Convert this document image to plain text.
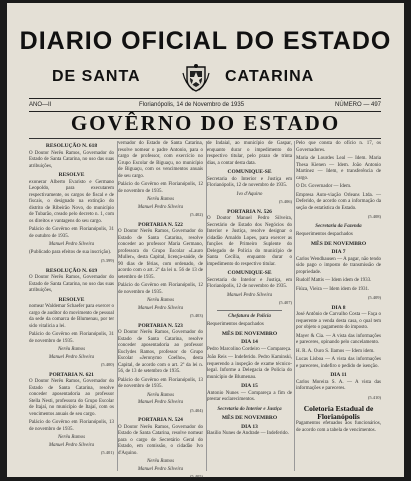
DIARIO OFICIAL DO ESTADO
DE SANTA	CATARINA
ANO—II	Florianópolis, 14 de Novembro de 1935	NÚMERO — 497
GOVÊRNO DO ESTADO
RESOLUÇÃO N. 618
O Doutor Nerêu Ramos, Governador do Estado de Santa Catarina, no uso das suas atribuições,
RESOLVE
exonerar Alberto Evaristo e Germano Leopoldo, para executarem respectivamente, os cargos de fiscal e de fiscais, o designado na extinção do distrito de Ribeirão Novo, do município de Tubarão, creado pelo decreto n. 1, com os direitos e vantagens do seu cargo.
Palácio do Govêrno em Florianópolis, 31 de outubro de 1935.
Manuel Pedro Silveira
(Publicado para efeitos de sua inscrição).
(5.399)
RESOLUÇÃO N. 619
O Doutor Nerêu Ramos, Governador do Estado de Santa Catarina, no uso das suas atribuições,
RESOLVE
nomear Waldemar Schaefer para exercer o cargo de auditor do movimento de pessoal da sede da comarca de Blumenau, por ter sido vitalicia a lei.
Palácio do Govêrno em Florianópolis, 31 de novembro de 1935.
Nerêu Ramos
Manuel Pedro Silveira
(5.400)
PORTARIA N. 621
O Doutor Nerêu Ramos, Governador do Estado de Santa Catarina, resolve conceder aposentadoria ao professor Stella Nesti, professora do Grupo Escolar de Itajaí, no município de Itajaí, com os vencimentos anuais de seu cargo.
Palácio do Govêrno em Florianópolis, 13 de novembro de 1935.
Nerêu Ramos
Manuel Pedro Silveira
(5.401)
vernador do Estado de Santa Catarina, resolve nomear o padre Antonio, para o cargo de professor, com exercício no Grupo Escolar de Biguaçu, no município de Biguaçu, com os vencimentos anuais de seu cargo.
Palácio do Govêrno em Florianópolis, 12 de novembro de 1935.
Nerêu Ramos
Manuel Pedro Silveira
(5.402)
PORTARIA N. 522
O Doutor Nerêu Ramos, Governador do Estado de Santa Catarina, resolve conceder ao professor Maria Germano, professora do Grupo Escolar «Lauro Muller», desta Capital, licença-saúde, de 90 dias de férias, com ordenado, de acordo com o art. 2º da lei n. 56 de 13 de setembro de 1935.
Palácio do Govêrno em Florianópolis, 12 de novembro de 1935.
Nerêu Ramos
Manuel Pedro Silveira
(5.403)
PORTARIA N. 523
O Doutor Nerêu Ramos, Governador do Estado de Santa Catarina, resolve conceder aposentadoria ao professor Euclydes Ramos, professor do Grupo Escolar «Jeronymo Coelho», desta Capital, de acordo com o art. 2º da lei n. 56, de 13 de setembro de 1935.
Palácio do Govêrno em Florianópolis, 13 de novembro de 1935.
Nerêu Ramos
Manuel Pedro Silveira
(5.404)
PORTARIA N. 524
O Doutor Nerêu Ramos, Governador do Estado de Santa Catarina, resolve nomear para o cargo de Secretário Geral do Estado, em comissão, o cidadão Ivo d'Aquino.
Nerêu Ramos
Manuel Pedro Silveira
(5.405)
de Indaial, ao município de Gaspar, enquanto durar o impedimento do respectivo titular, pelo prazo de trinta dias, a contar desta data.
COMUNIQUE-SE
Secretaria do Interior e Justiça em Florianópolis, 12 de novembro de 1935.
Ivo d'Aquino
(5.406)
PORTARIA N. 526
O Doutor Manuel Pedro Silveira, Secretário de Estado dos Negócios do Interior e Justiça, resolve designar o cidadão Arnaldo Lopes, para exercer as funções de Primeiro Suplente do Delegado de Polícia do município de Santa Cecília, enquanto durar o impedimento do respectivo titular.
COMUNIQUE-SE
Secretaria do Interior e Justiça, em Florianópolis, 12 de novembro de 1935.
Manuel Pedro Silveira
(5.407)
Chefatura de Polícia
Requerimentos despachados
MÊS DE NOVEMBRO
DIA 14
Pedro Marcolino Cordeiro — Compareça.
João Reis — Indeferido. Pedro Kaminski, requerendo a inspeção de exame técnico-legal. Informe a Delegacia de Polícia do município de Blumenau.
DIA 15
Antonio Nunes — Compareça a fim de prestar esclarecimentos.
Secretaria do Interior e Justiça
MÊS DE NOVEMBRO
DIA 13
Basilio Nunes de Andrade — Indeferido.
Pelo que consta do ofício n. 17, os Governadores.
Maria de Lourdes Leal — Idem. Maria Thesa Kienen — Idem. João Antonio Martinez — Idem, e transferência de cargo.
O Dr. Governador — Idem.
Empresa Auto-viação Orleans Ltda. — Deferido, de acordo com a informação da seção de estatística do Estado.
(5.408)
Secretaria da Fazenda
Requerimentos despachados
MÊS DE NOVEMBRO
DIA 7
Carlos Wendhausen — A pagar, não tendo sido pago o imposto de transmissão de propriedade.
Rudolf Mattis — Idem idem de 1933.
Fiúza, Vieira — Idem idem de 1931.
(5.409)
DIA 8
José Antônio de Carvalho Costa — Faça o requerente a venda desta casa, o qual tem por objeto o pagamento do imposto.
Mayer & Cia. — A vista das informações e pareceres, opinando pelo cancelamento.
H. R. A. Ouro S. Ilamos — Idem idem.
Lucas Lisboa — A vista das informações e pareceres, indefiro o pedido de isenção.
DIA 11
Carlos Moreira S. A. — A vista das informações e pareceres.
(5.410)
Coletoria Estadual de Florianópolis
Pagamentos efetuados aos funcionários, de acordo com a tabela de vencimentos.
